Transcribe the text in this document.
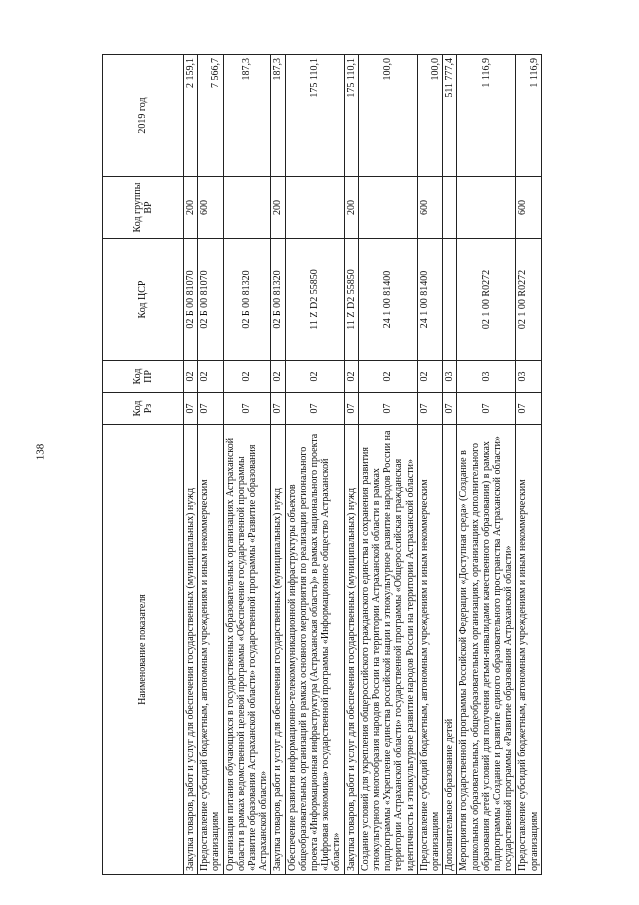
138
Наименование показателя	Код Рз	Код ПР	Код ЦСР	Код группы ВР	2019 год
Закупка товаров, работ и услуг для обеспечения государственных (муниципальных) нужд	07	02	02 Б 00 81070	200	2 159,1
Предоставление субсидий бюджетным, автономным учреждениям и иным некоммерческим организациям	07	02	02 Б 00 81070	600	7 566,7
Организация питания обучающихся в государственных образовательных организациях Астраханской области в рамках ведомственной целевой программы «Обеспечение государственной программы «Развитие образования Астраханской области» государственной программы «Развитие образования Астраханской области»	07	02	02 Б 00 81320		187,3
Закупка товаров, работ и услуг для обеспечения государственных (муниципальных) нужд	07	02	02 Б 00 81320	200	187,3
Обеспечение развития информационно-телекоммуникационной инфраструктуры объектов общеобразовательных организаций в рамках основного мероприятия по реализации регионального проекта «Информационная инфраструктура (Астраханская область)» в рамках национального проекта «Цифровая экономика» государственной программы «Информационное общество Астраханской области»	07	02	11 Z D2 55850		175 110,1
Закупка товаров, работ и услуг для обеспечения государственных (муниципальных) нужд	07	02	11 Z D2 55850	200	175 110,1
Создание условий для укрепления общероссийского гражданского единства и сохранения развития этнокультурного многообразия народов России на территории Астраханской области в рамках подпрограммы «Укрепление единства российской нации и этнокультурное развитие народов России на территории Астраханской области» государственной программы «Общероссийская гражданская идентичность и этнокультурное развитие народов России на территории Астраханской области»	07	02	24 1 00 81400		100,0
Предоставление субсидий бюджетным, автономным учреждениям и иным некоммерческим организациям	07	02	24 1 00 81400	600	100,0
Дополнительное образование детей	07	03			511 777,4
Мероприятия государственной программы Российской Федерации «Доступная среда» (Создание в дошкольных образовательных, общеобразовательных организациях, организациях дополнительного образования детей условий для получения детьми-инвалидами качественного образования) в рамках подпрограммы «Создание и развитие единого образовательного пространства Астраханской области» государственной программы «Развитие образования Астраханской области»	07	03	02 1 00 R0272		1 116,9
Предоставление субсидий бюджетным, автономным учреждениям и иным некоммерческим организациям	07	03	02 1 00 R0272	600	1 116,9
